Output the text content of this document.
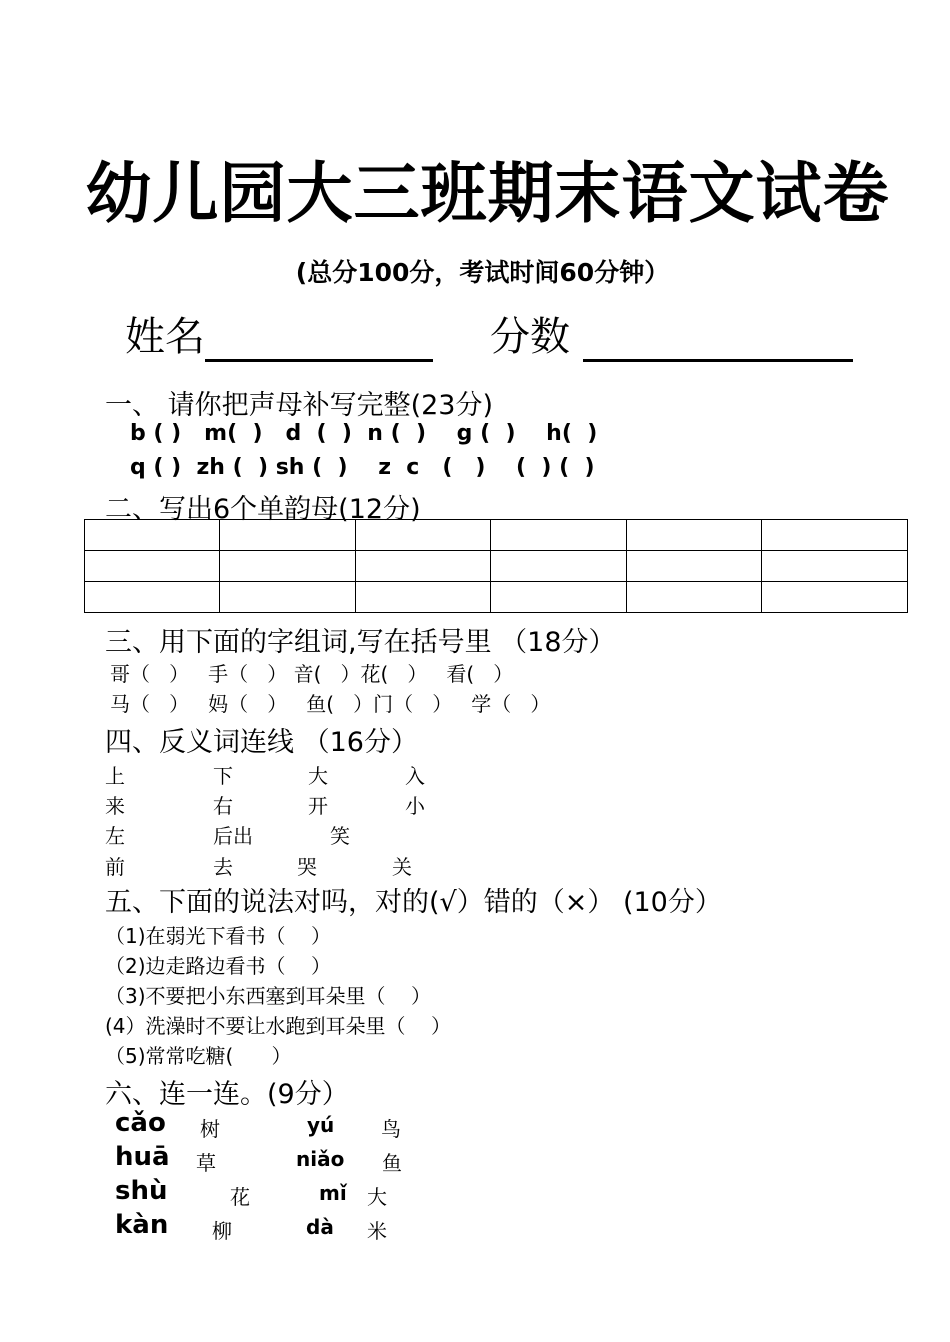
幼儿园大三班期末语文试卷
(总分100分，考试时间60分钟）
姓名	分数
一、 请你把声母补写完整(23分)
b ( )   m(  )   d  (  )  n (  )    g (  )    h(  )
q ( )  zh (  ) sh (  )    z  c   (   )    (  ) (  )
二、写出6个单韵母(12分)

三、用下面的字组词,写在括号里 （18分）
哥（   ）   手（   ） 音(   ）花(   ）   看(   ）
马（   ）   妈（   ）   鱼(   ）门（   ）   学（   ）
四、反义词连线 （16分）
上	下	大	入
来	右	开	小
左	后出	笑
前	去	哭	关
五、下面的说法对吗，对的(√）错的（×） (10分）
（1)在弱光下看书（    ）
（2)边走路边看书（    ）
（3)不要把小东西塞到耳朵里（    ）
(4）洗澡时不要让水跑到耳朵里（    ）
（5)常常吃糖(      ）
六、连一连。(9分）
cǎo 树	yú 鸟
huā 草	niǎo 鱼
shù	花	mǐ 大
kàn 柳	dà 米
